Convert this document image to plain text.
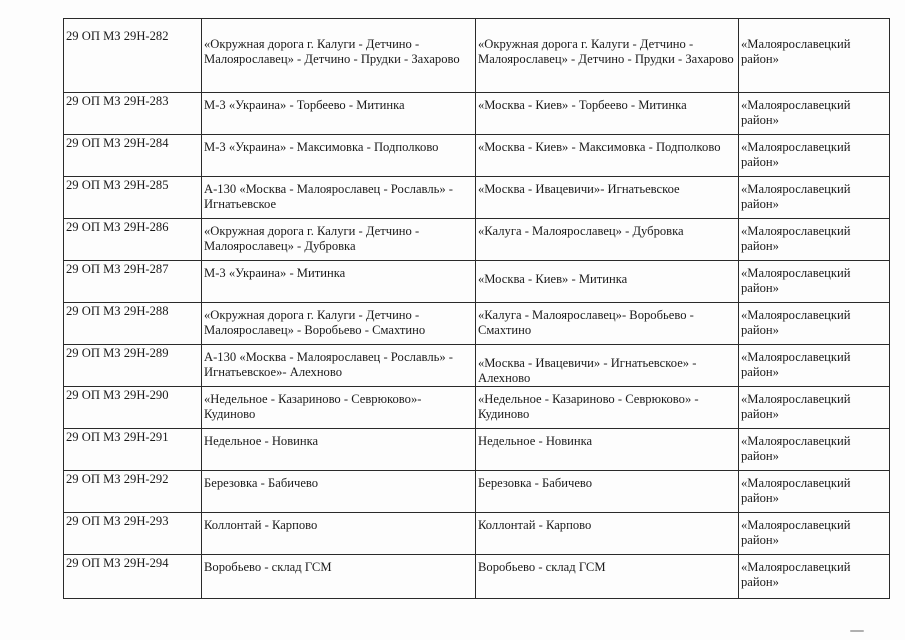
29 ОП МЗ 29Н-282	«Окружная дорога г. Калуги - Детчино - Малоярославец» - Детчино - Прудки - Захарово	«Окружная дорога г. Калуги - Детчино - Малоярославец» - Детчино - Прудки - Захарово	«Малоярославецкий район»
29 ОП МЗ 29Н-283	М-3 «Украина» - Торбеево - Митинка	«Москва - Киев» - Торбеево - Митинка	«Малоярославецкий район»

29 ОП МЗ 29Н-284	М-3 «Украина» - Максимовка - Подполково	«Москва - Киев» - Максимовка - Подполково	«Малоярославецкий район»

29 ОП МЗ 29Н-285	А-130 «Москва - Малоярославец - Рославль» - Игнатьевское	«Москва - Ивацевичи»- Игнатьевское	«Малоярославецкий район»

29 ОП МЗ 29Н-286	«Окружная дорога г. Калуги - Детчино - Малоярославец» - Дубровка	«Калуга - Малоярославец» - Дубровка	«Малоярославецкий район»

29 ОП МЗ 29Н-287	М-3 «Украина» - Митинка	«Москва - Киев» - Митинка	«Малоярославецкий район»

29 ОП МЗ 29Н-288	«Окружная дорога г. Калуги - Детчино - Малоярославец» - Воробьево - Смахтино	«Калуга - Малоярославец»- Воробьево - Смахтино	«Малоярославецкий район»

29 ОП МЗ 29Н-289	А-130 «Москва - Малоярославец - Рославль» - Игнатьевское»- Алехново	«Москва - Ивацевичи» - Игнатьевское» - Алехново	«Малоярославецкий район»

29 ОП МЗ 29Н-290	«Недельное - Казариново - Севрюково»- Кудиново	«Недельное - Казариново - Севрюково» - Кудиново	«Малоярославецкий район»

29 ОП МЗ 29Н-291	Недельное - Новинка	Недельное - Новинка	«Малоярославецкий район»

29 ОП МЗ 29Н-292	Березовка - Бабичево	Березовка - Бабичево	«Малоярославецкий район»

29 ОП МЗ 29Н-293	Коллонтай - Карпово	Коллонтай - Карпово	«Малоярославецкий район»

29 ОП МЗ 29Н-294	Воробьево - склад ГСМ	Воробьево - склад ГСМ	«Малоярославецкий район»
